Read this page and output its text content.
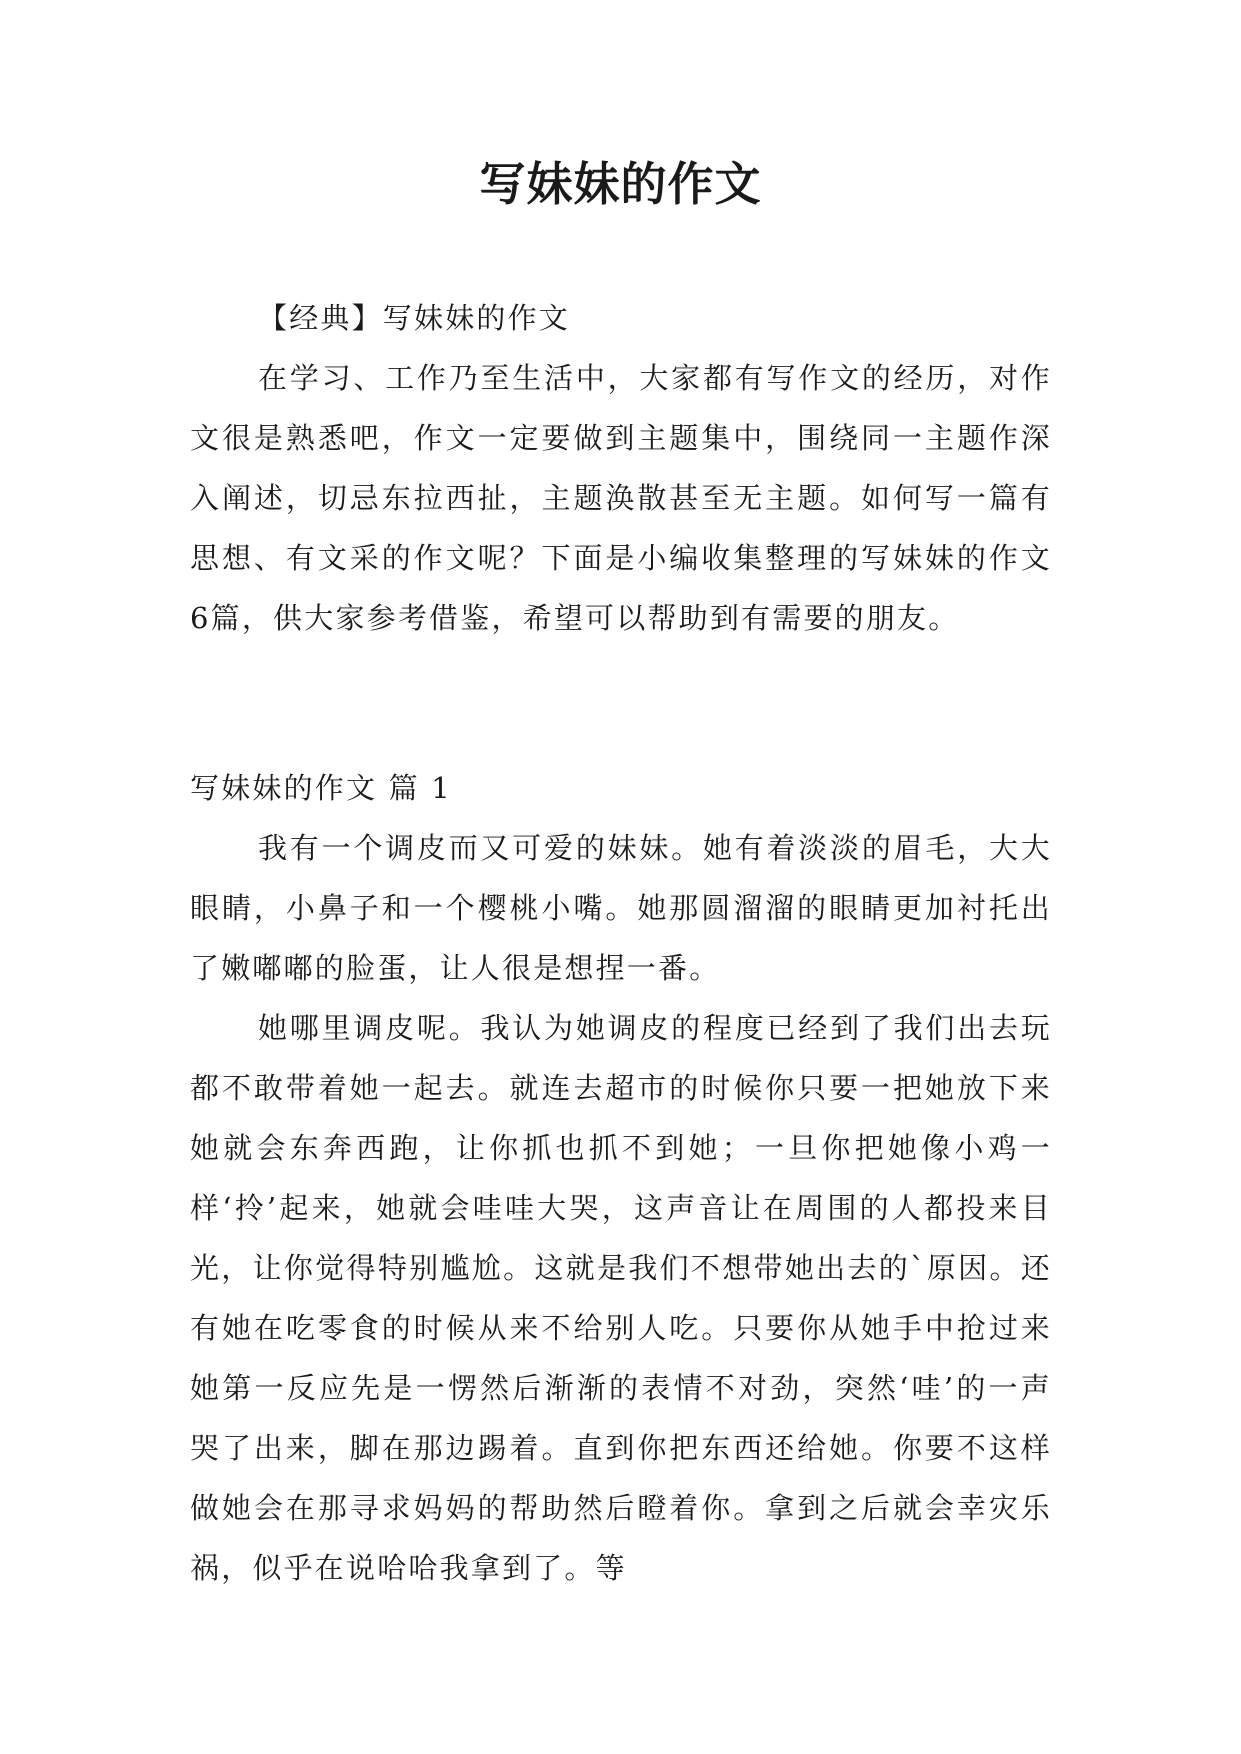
写妹妹的作文

【经典】写妹妹的作文

在学习、工作乃至生活中，大家都有写作文的经历，对作文很是熟悉吧，作文一定要做到主题集中，围绕同一主题作深入阐述，切忌东拉西扯，主题涣散甚至无主题。如何写一篇有思想、有文采的作文呢？下面是小编收集整理的写妹妹的作文6篇，供大家参考借鉴，希望可以帮助到有需要的朋友。

写妹妹的作文 篇 1

我有一个调皮而又可爱的妹妹。她有着淡淡的眉毛，大大眼睛，小鼻子和一个樱桃小嘴。她那圆溜溜的眼睛更加衬托出了嫩嘟嘟的脸蛋，让人很是想捏一番。

她哪里调皮呢。我认为她调皮的程度已经到了我们出去玩都不敢带着她一起去。就连去超市的时候你只要一把她放下来她就会东奔西跑，让你抓也抓不到她；一旦你把她像小鸡一样‘拎’起来，她就会哇哇大哭，这声音让在周围的人都投来目光，让你觉得特别尴尬。这就是我们不想带她出去的`原因。还有她在吃零食的时候从来不给别人吃。只要你从她手中抢过来她第一反应先是一愣然后渐渐的表情不对劲，突然‘哇’的一声哭了出来，脚在那边踢着。直到你把东西还给她。你要不这样做她会在那寻求妈妈的帮助然后瞪着你。拿到之后就会幸灾乐祸，似乎在说哈哈我拿到了。等
